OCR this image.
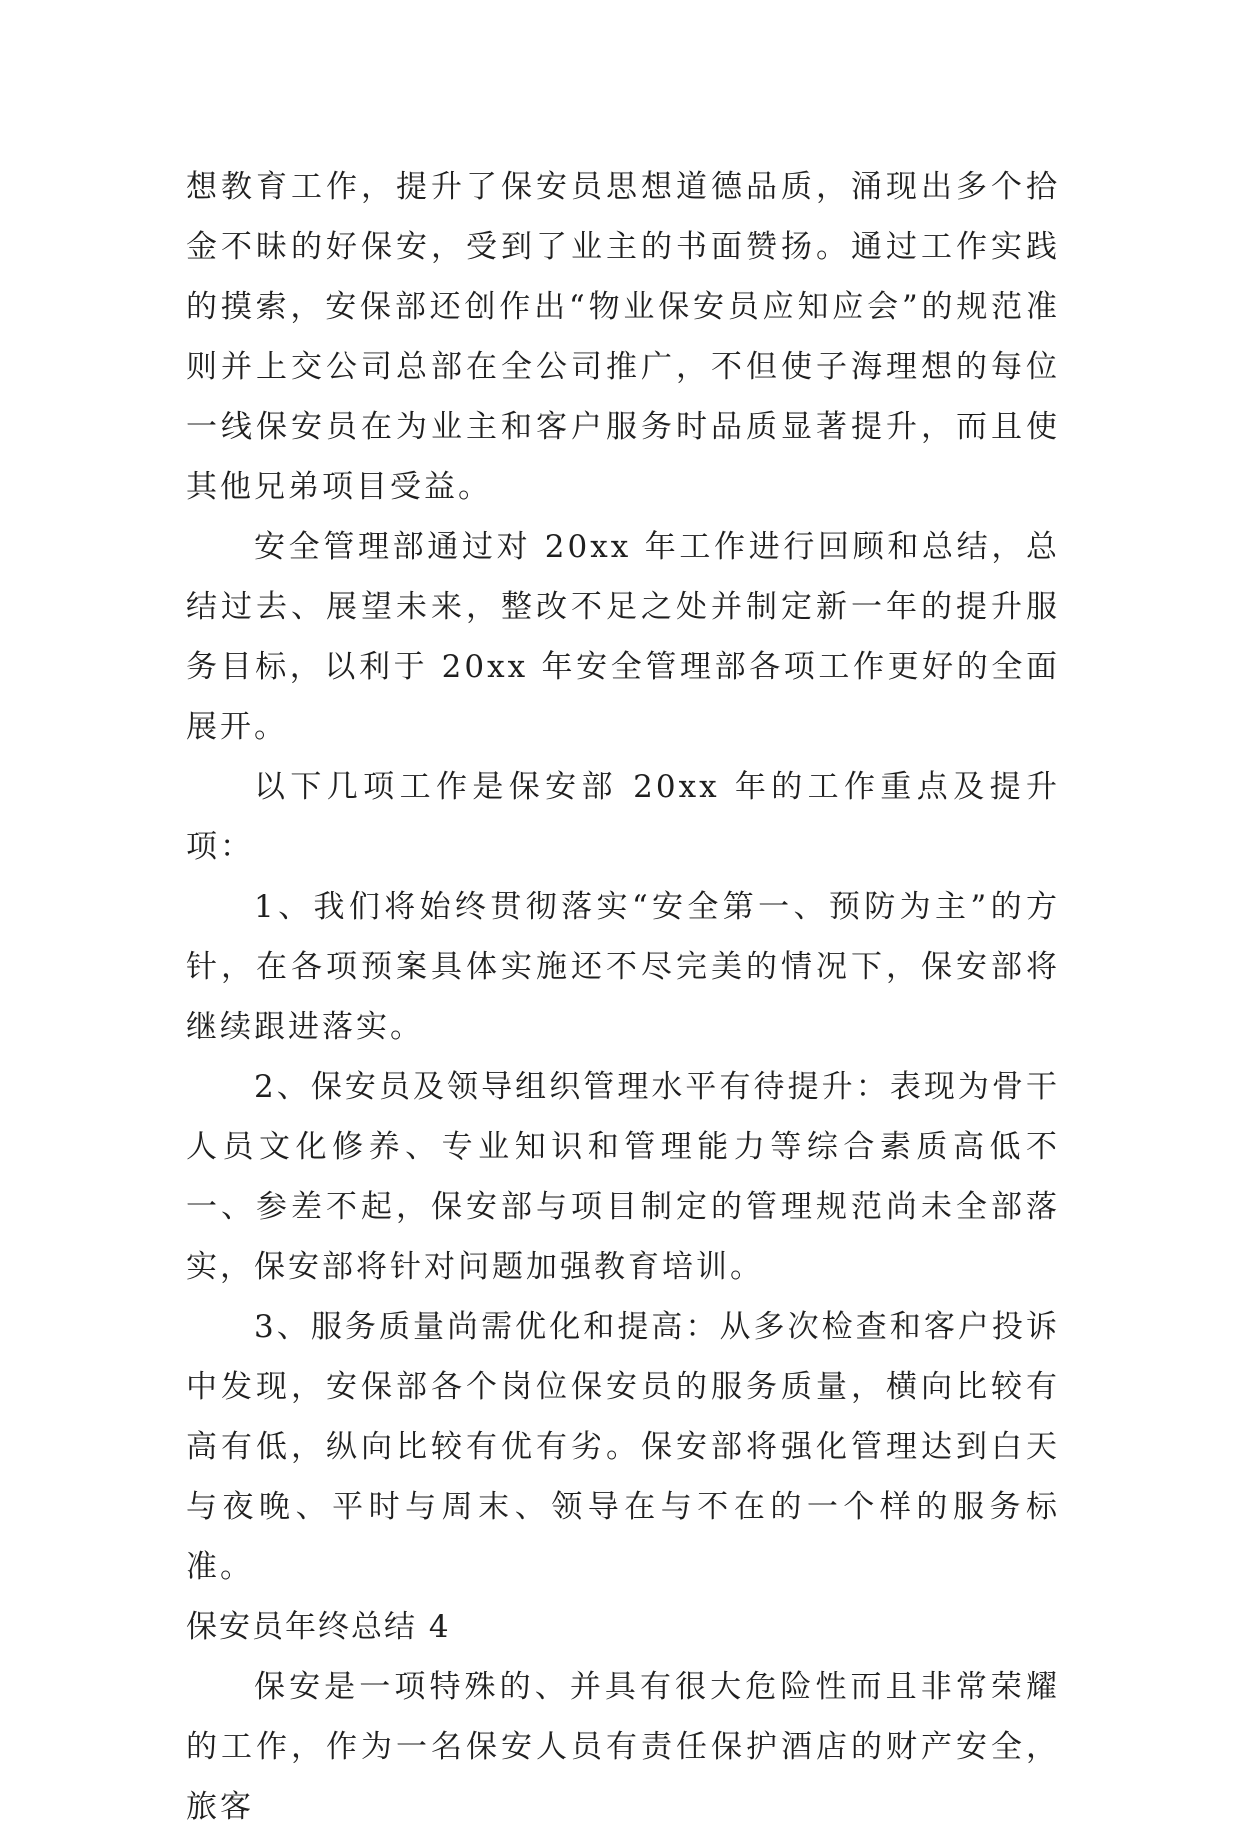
想教育工作，提升了保安员思想道德品质，涌现出多个拾金不昧的好保安，受到了业主的书面赞扬。通过工作实践的摸索，安保部还创作出“物业保安员应知应会”的规范准则并上交公司总部在全公司推广，不但使子海理想的每位一线保安员在为业主和客户服务时品质显著提升，而且使其他兄弟项目受益。

安全管理部通过对 20xx 年工作进行回顾和总结，总结过去、展望未来，整改不足之处并制定新一年的提升服务目标，以利于 20xx 年安全管理部各项工作更好的全面展开。

以下几项工作是保安部 20xx 年的工作重点及提升项：

1、我们将始终贯彻落实“安全第一、预防为主”的方针，在各项预案具体实施还不尽完美的情况下，保安部将继续跟进落实。

2、保安员及领导组织管理水平有待提升：表现为骨干人员文化修养、专业知识和管理能力等综合素质高低不一、参差不起，保安部与项目制定的管理规范尚未全部落实，保安部将针对问题加强教育培训。

3、服务质量尚需优化和提高：从多次检查和客户投诉中发现，安保部各个岗位保安员的服务质量，横向比较有高有低，纵向比较有优有劣。保安部将强化管理达到白天与夜晚、平时与周末、领导在与不在的一个样的服务标准。

保安员年终总结 4

保安是一项特殊的、并具有很大危险性而且非常荣耀的工作，作为一名保安人员有责任保护酒店的财产安全，旅客
